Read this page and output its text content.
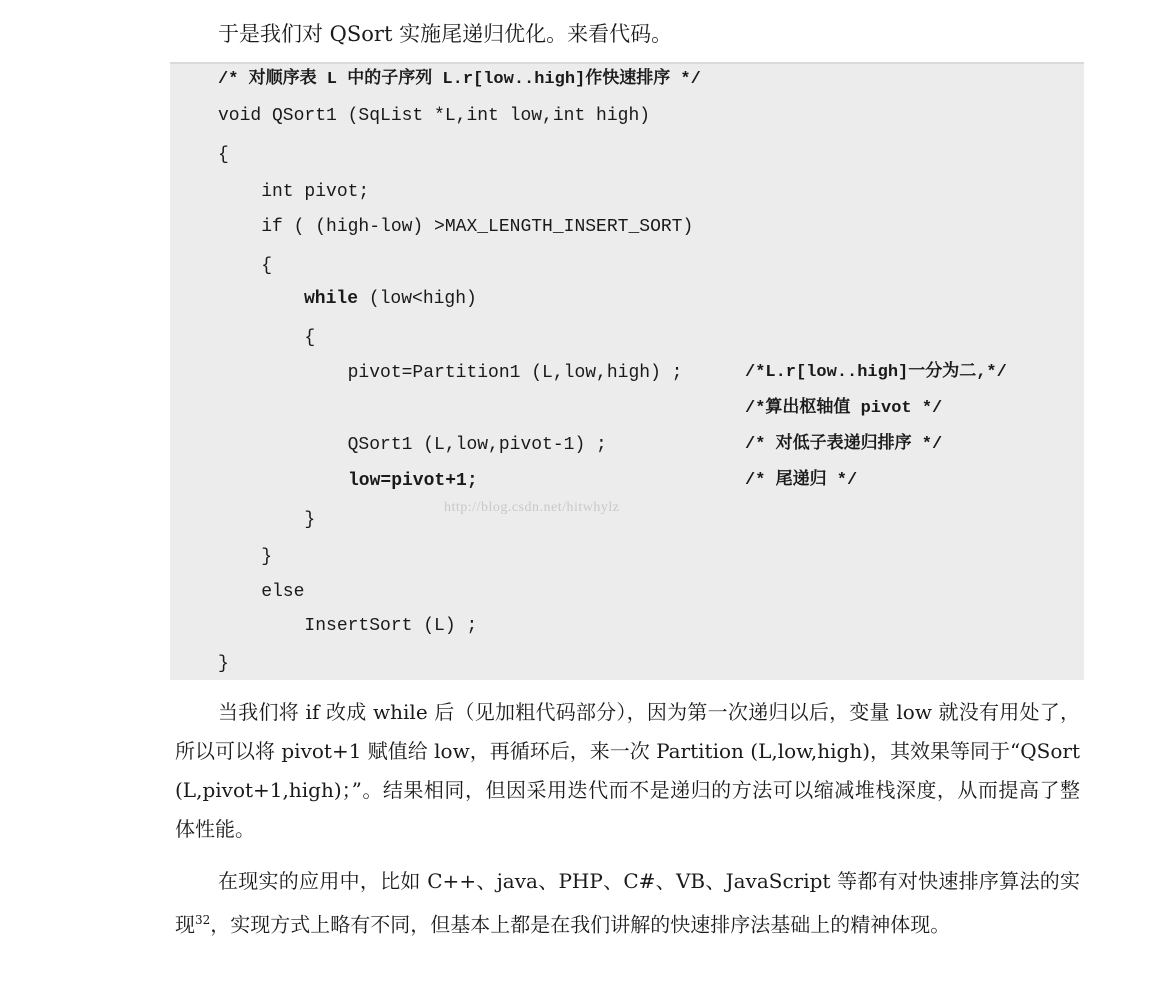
于是我们对 QSort 实施尾递归优化。来看代码。
/* 对顺序表 L 中的子序列 L.r[low..high]作快速排序 */
void QSort1 (SqList *L,int low,int high)
{
int pivot;
if ( (high-low) >MAX_LENGTH_INSERT_SORT)
{
while (low<high)
{
pivot=Partition1 (L,low,high) ;	/*L.r[low..high]一分为二,*/
/*算出枢轴值 pivot */
QSort1 (L,low,pivot-1) ;	/* 对低子表递归排序 */
low=pivot+1;	/* 尾递归 */
}
}
else
InsertSort (L) ;
}
http://blog.csdn.net/hitwhylz
当我们将 if 改成 while 后（见加粗代码部分），因为第一次递归以后，变量 low 就没有用处了，所以可以将 pivot+1 赋值给 low，再循环后，来一次 Partition (L,low,high)，其效果等同于“QSort (L,pivot+1,high)；”。结果相同，但因采用迭代而不是递归的方法可以缩减堆栈深度，从而提高了整体性能。
在现实的应用中，比如 C++、java、PHP、C#、VB、JavaScript 等都有对快速排序算法的实现$^{32}$，实现方式上略有不同，但基本上都是在我们讲解的快速排序法基础上的精神体现。
